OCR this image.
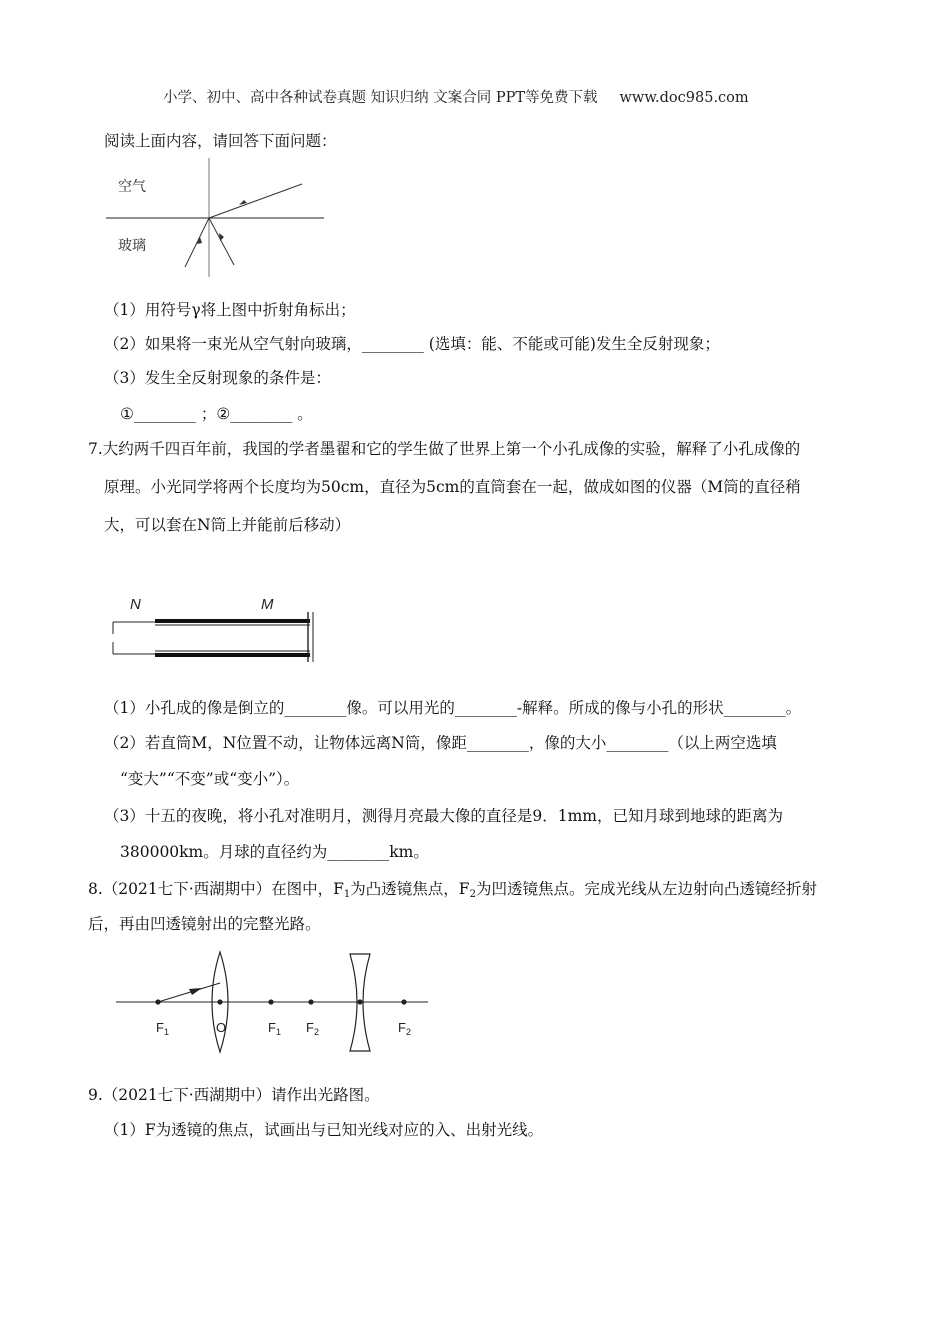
小学、初中、高中各种试卷真题 知识归纳 文案合同 PPT等免费下载 www.doc985.com
阅读上面内容，请回答下面问题：
空气
玻璃
（1）用符号γ将上图中折射角标出；
（2）如果将一束光从空气射向玻璃，________ (选填：能、不能或可能)发生全反射现象；
（3）发生全反射现象的条件是：
①________ ；②________ 。
7.大约两千四百年前，我国的学者墨翟和它的学生做了世界上第一个小孔成像的实验，解释了小孔成像的
原理。小光同学将两个长度均为50cm，直径为5cm的直筒套在一起，做成如图的仪器（M筒的直径稍
大，可以套在N筒上并能前后移动）
N	M
（1）小孔成的像是倒立的________像。可以用光的________-解释。所成的像与小孔的形状________。
（2）若直筒M，N位置不动，让物体远离N筒，像距________，像的大小________（以上两空选填
“变大”“不变”或“变小”）。
（3）十五的夜晚，将小孔对准明月，测得月亮最大像的直径是9．1mm，已知月球到地球的距离为
380000km。月球的直径约为________km。
8.（2021七下·西湖期中）在图中，$F_1$为凸透镜焦点，$F_2$为凹透镜焦点。完成光线从左边射向凸透镜经折射
后，再由凹透镜射出的完整光路。
$F_1$	O	$F_1$ $F_2$	$F_2$
9.（2021七下·西湖期中）请作出光路图。
（1）F为透镜的焦点，试画出与已知光线对应的入、出射光线。
